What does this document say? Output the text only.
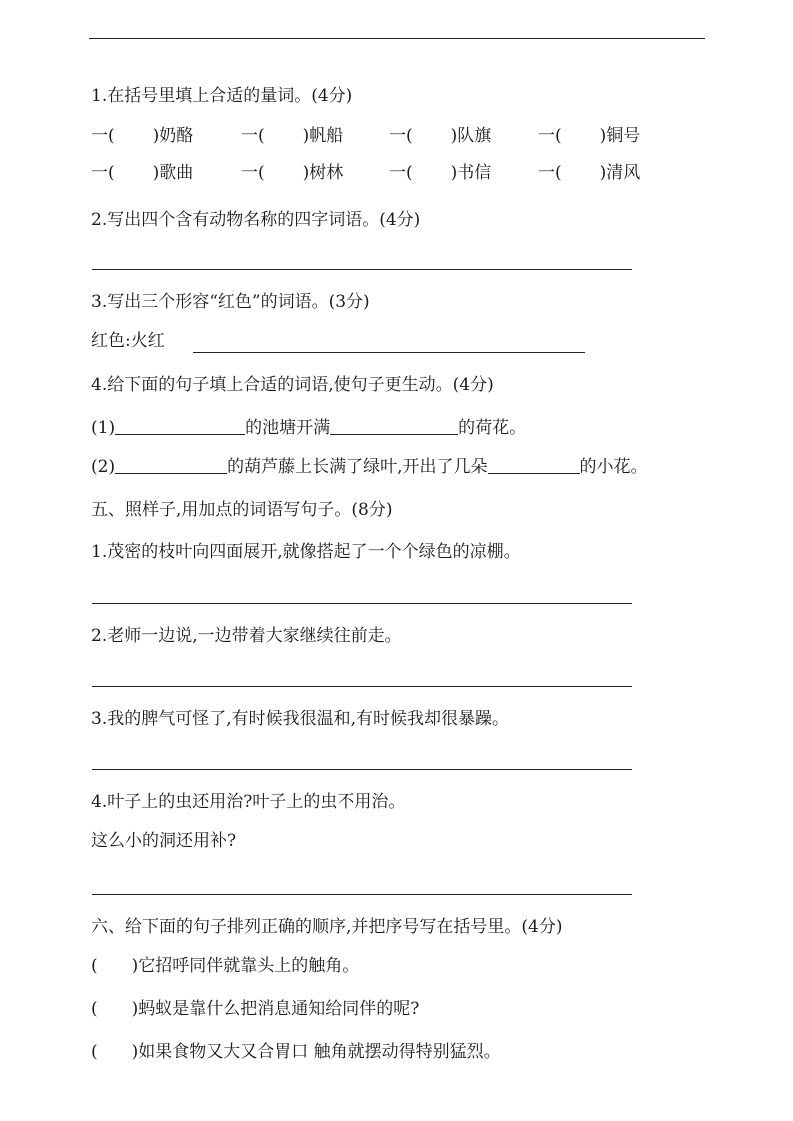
1.在括号里填上合适的量词。(4分)
一( )奶酪	一( )帆船	一( )队旗	一( )铜号
一( )歌曲	一( )树林	一( )书信	一( )清风
2.写出四个含有动物名称的四字词语。(4分)
3.写出三个形容“红色”的词语。(3分)
红色:火红
4.给下面的句子填上合适的词语,使句子更生动。(4分)
(1)	的池塘开满	的荷花。
(2)	的葫芦藤上长满了绿叶,开出了几朵	的小花。
五、照样子,用加点的词语写句子。(8分)
1.茂密的枝叶向四面展开,就像搭起了一个个绿色的凉棚。
2.老师一边说,一边带着大家继续往前走。
3.我的脾气可怪了,有时候我很温和,有时候我却很暴躁。
4.叶子上的虫还用治?叶子上的虫不用治。
这么小的洞还用补?
六、给下面的句子排列正确的顺序,并把序号写在括号里。(4分)
( )它招呼同伴就靠头上的触角。
( )蚂蚁是靠什么把消息通知给同伴的呢?
( )如果食物又大又合胃口 触角就摆动得特别猛烈。
